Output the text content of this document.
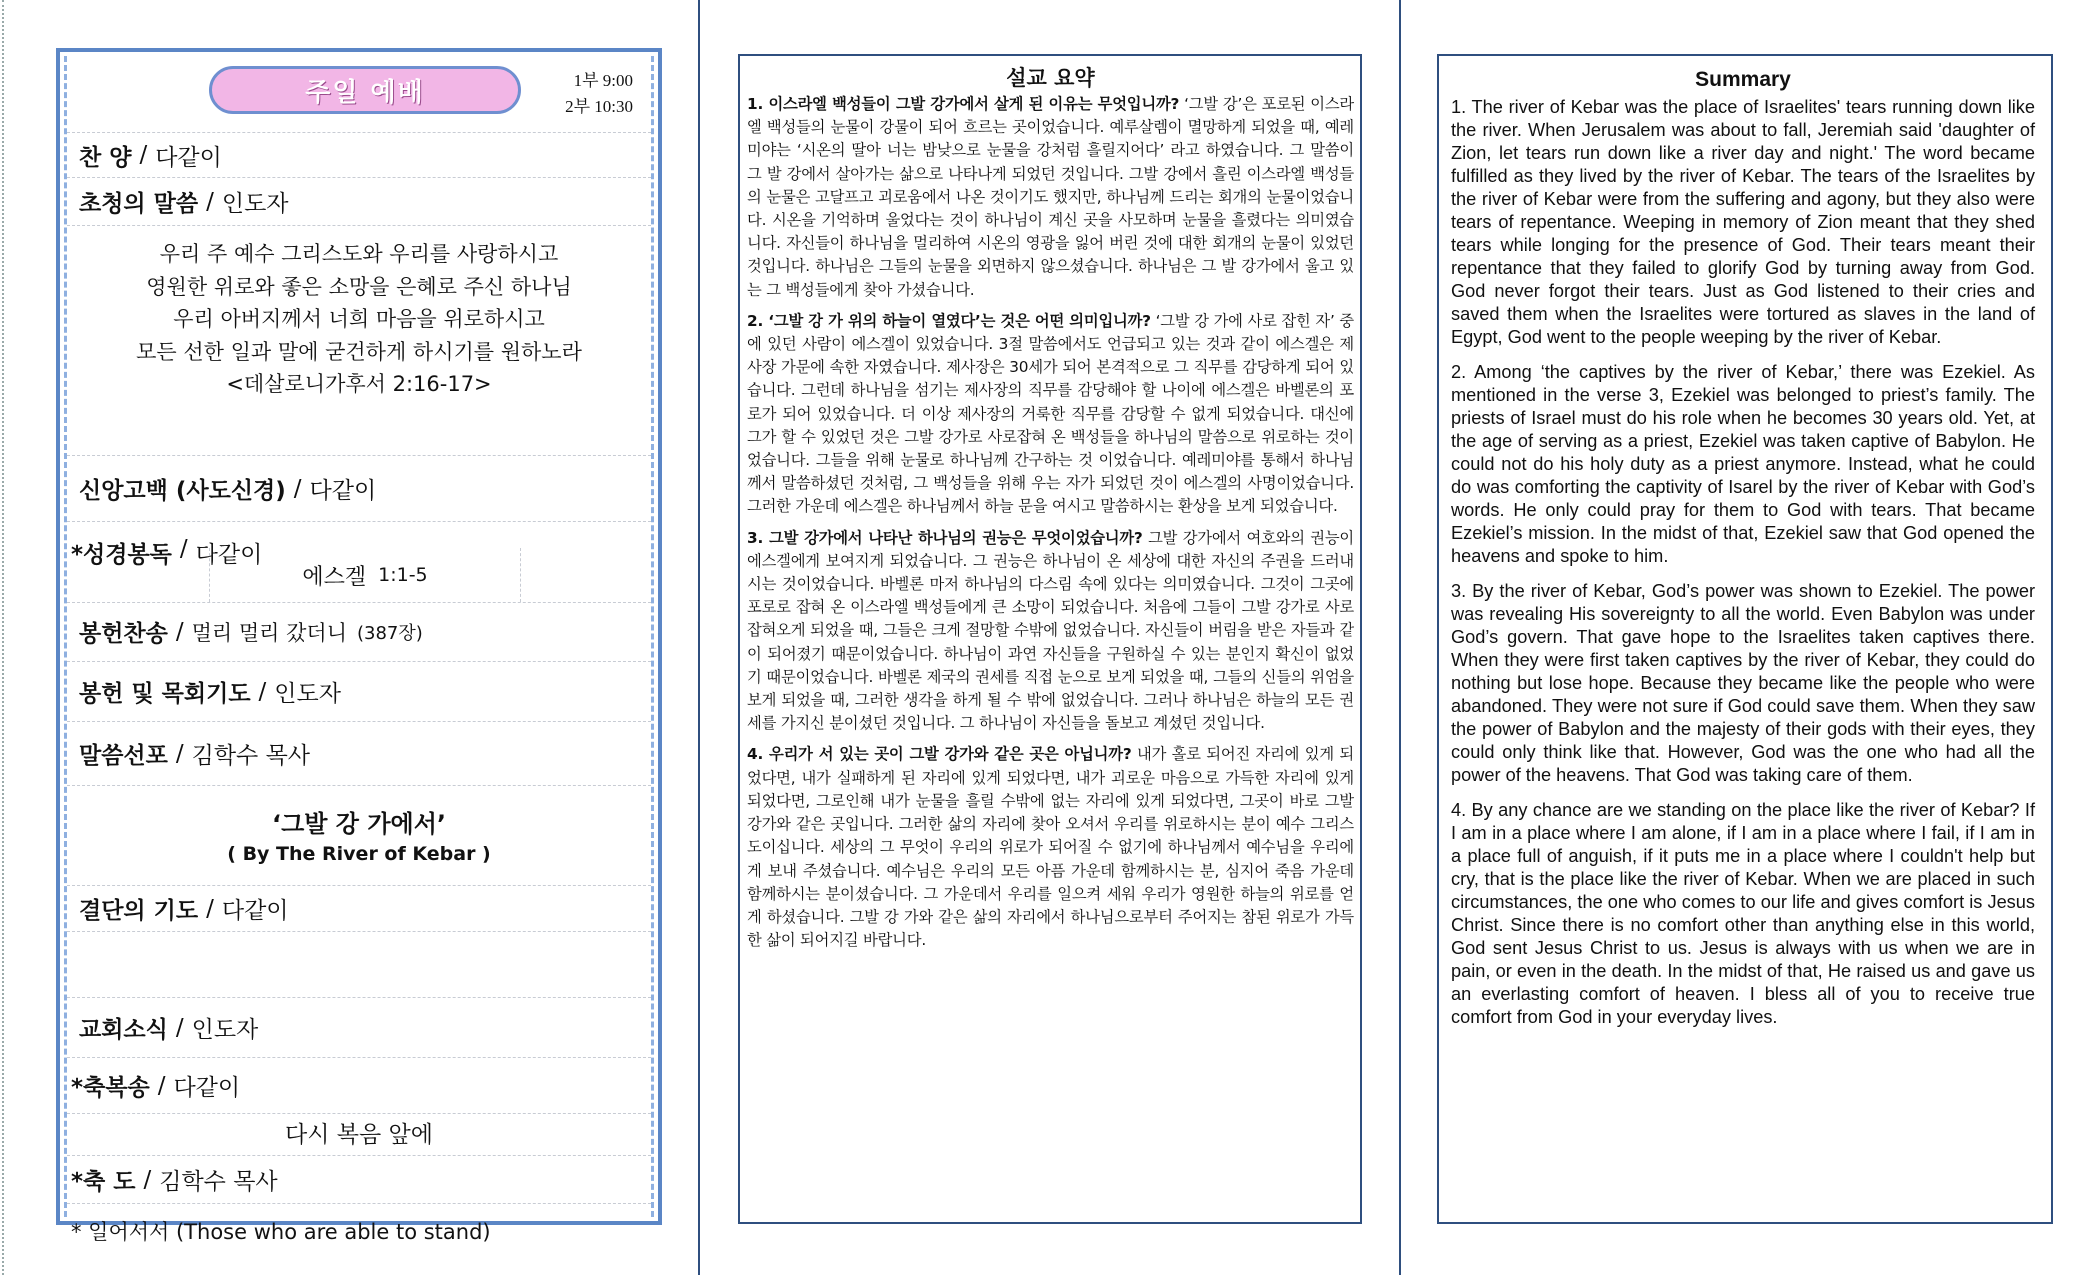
주일 예배	1부 9:00
2부 10:30
찬 양 / 다같이
초청의 말씀 / 인도자
우리 주 예수 그리스도와 우리를 사랑하시고
영원한 위로와 좋은 소망을 은혜로 주신 하나님
우리 아버지께서 너희 마음을 위로하시고
모든 선한 일과 말에 굳건하게 하시기를 원하노라
<데살로니가후서 2:16-17>
신앙고백 (사도신경) / 다같이
*성경봉독 / 다같이
에스겔 1:1-5
봉헌찬송 / 멀리 멀리 갔더니 (387장)
봉헌 및 목회기도 / 인도자
말씀선포 / 김학수 목사
‘그발 강 가에서’
( By The River of Kebar )
결단의 기도 / 다같이
교회소식 / 인도자
*축복송 / 다같이
다시 복음 앞에
*축 도 / 김학수 목사
* 일어서서 (Those who are able to stand)
설교 요약

1. 이스라엘 백성들이 그발 강가에서 살게 된 이유는 무엇입니까? ‘그발 강’은 포로된 이스라엘 백성들의 눈물이 강물이 되어 흐르는 곳이었습니다. 예루살렘이 멸망하게 되었을 때, 예레미야는 ‘시온의 딸아 너는 밤낮으로 눈물을 강처럼 흘릴지어다’ 라고 하였습니다. 그 말씀이 그 발 강에서 살아가는 삶으로 나타나게 되었던 것입니다. 그발 강에서 흘린 이스라엘 백성들의 눈물은 고달프고 괴로움에서 나온 것이기도 했지만, 하나님께 드리는 회개의 눈물이었습니다. 시온을 기억하며 울었다는 것이 하나님이 계신 곳을 사모하며 눈물을 흘렸다는 의미였습니다. 자신들이 하나님을 멀리하여 시온의 영광을 잃어 버린 것에 대한 회개의 눈물이 있었던 것입니다. 하나님은 그들의 눈물을 외면하지 않으셨습니다. 하나님은 그 발 강가에서 울고 있는 그 백성들에게 찾아 가셨습니다.

2. ‘그발 강 가 위의 하늘이 열였다’는 것은 어떤 의미입니까? ‘그발 강 가에 사로 잡힌 자’ 중에 있던 사람이 에스겔이 있었습니다. 3절 말씀에서도 언급되고 있는 것과 같이 에스겔은 제사장 가문에 속한 자였습니다. 제사장은 30세가 되어 본격적으로 그 직무를 감당하게 되어 있습니다. 그런데 하나님을 섬기는 제사장의 직무를 감당해야 할 나이에 에스겔은 바벨론의 포로가 되어 있었습니다. 더 이상 제사장의 거룩한 직무를 감당할 수 없게 되었습니다. 대신에 그가 할 수 있었던 것은 그발 강가로 사로잡혀 온 백성들을 하나님의 말씀으로 위로하는 것이었습니다. 그들을 위해 눈물로 하나님께 간구하는 것 이었습니다. 예레미야를 통해서 하나님께서 말씀하셨던 것처럼, 그 백성들을 위해 우는 자가 되었던 것이 에스겔의 사명이었습니다. 그러한 가운데 에스겔은 하나님께서 하늘 문을 여시고 말씀하시는 환상을 보게 되었습니다.

3. 그발 강가에서 나타난 하나님의 권능은 무엇이었습니까? 그발 강가에서 여호와의 권능이 에스겔에게 보여지게 되었습니다. 그 권능은 하나님이 온 세상에 대한 자신의 주권을 드러내시는 것이었습니다. 바벨론 마저 하나님의 다스림 속에 있다는 의미였습니다. 그것이 그곳에 포로로 잡혀 온 이스라엘 백성들에게 큰 소망이 되었습니다. 처음에 그들이 그발 강가로 사로 잡혀오게 되었을 때, 그들은 크게 절망할 수밖에 없었습니다. 자신들이 버림을 받은 자들과 같이 되어졌기 때문이었습니다. 하나님이 과연 자신들을 구원하실 수 있는 분인지 확신이 없었기 때문이었습니다. 바벨론 제국의 권세를 직접 눈으로 보게 되었을 때, 그들의 신들의 위엄을 보게 되었을 때, 그러한 생각을 하게 될 수 밖에 없었습니다. 그러나 하나님은 하늘의 모든 권세를 가지신 분이셨던 것입니다. 그 하나님이 자신들을 돌보고 계셨던 것입니다.

4. 우리가 서 있는 곳이 그발 강가와 같은 곳은 아닙니까? 내가 홀로 되어진 자리에 있게 되었다면, 내가 실패하게 된 자리에 있게 되었다면, 내가 괴로운 마음으로 가득한 자리에 있게 되었다면, 그로인해 내가 눈물을 흘릴 수밖에 없는 자리에 있게 되었다면, 그곳이 바로 그발 강가와 같은 곳입니다. 그러한 삶의 자리에 찾아 오셔서 우리를 위로하시는 분이 예수 그리스도이십니다. 세상의 그 무엇이 우리의 위로가 되어질 수 없기에 하나님께서 예수님을 우리에게 보내 주셨습니다. 예수님은 우리의 모든 아픔 가운데 함께하시는 분, 심지어 죽음 가운데 함께하시는 분이셨습니다. 그 가운데서 우리를 일으켜 세워 우리가 영원한 하늘의 위로를 얻게 하셨습니다. 그발 강 가와 같은 삶의 자리에서 하나님으로부터 주어지는 참된 위로가 가득한 삶이 되어지길 바랍니다.

Summary

1. The river of Kebar was the place of Israelites' tears running down like the river. When Jerusalem was about to fall, Jeremiah said 'daughter of Zion, let tears run down like a river day and night.' The word became fulfilled as they lived by the river of Kebar. The tears of the Israelites by the river of Kebar were from the suffering and agony, but they also were tears of repentance. Weeping in memory of Zion meant that they shed tears while longing for the presence of God. Their tears meant their repentance that they failed to glorify God by turning away from God. God never forgot their tears. Just as God listened to their cries and saved them when the Israelites were tortured as slaves in the land of Egypt, God went to the people weeping by the river of Kebar.

2. Among ‘the captives by the river of Kebar,’ there was Ezekiel. As mentioned in the verse 3, Ezekiel was belonged to priest’s family. The priests of Israel must do his role when he becomes 30 years old. Yet, at the age of serving as a priest, Ezekiel was taken captive of Babylon. He could not do his holy duty as a priest anymore. Instead, what he could do was comforting the captivity of Isarel by the river of Kebar with God’s words. He only could pray for them to God with tears. That became Ezekiel’s mission. In the midst of that, Ezekiel saw that God opened the heavens and spoke to him.

3. By the river of Kebar, God’s power was shown to Ezekiel. The power was revealing His sovereignty to all the world. Even Babylon was under God’s govern. That gave hope to the Israelites taken captives there. When they were first taken captives by the river of Kebar, they could do nothing but lose hope. Because they became like the people who were abandoned. They were not sure if God could save them. When they saw the power of Babylon and the majesty of their gods with their eyes, they could only think like that. However, God was the one who had all the power of the heavens. That God was taking care of them.

4. By any chance are we standing on the place like the river of Kebar? If I am in a place where I am alone, if I am in a place where I fail, if I am in a place full of anguish, if it puts me in a place where I couldn't help but cry, that is the place like the river of Kebar. When we are placed in such circumstances, the one who comes to our life and gives comfort is Jesus Christ. Since there is no comfort other than anything else in this world, God sent Jesus Christ to us. Jesus is always with us when we are in pain, or even in the death. In the midst of that, He raised us and gave us an everlasting comfort of heaven. I bless all of you to receive true comfort from God in your everyday lives.
